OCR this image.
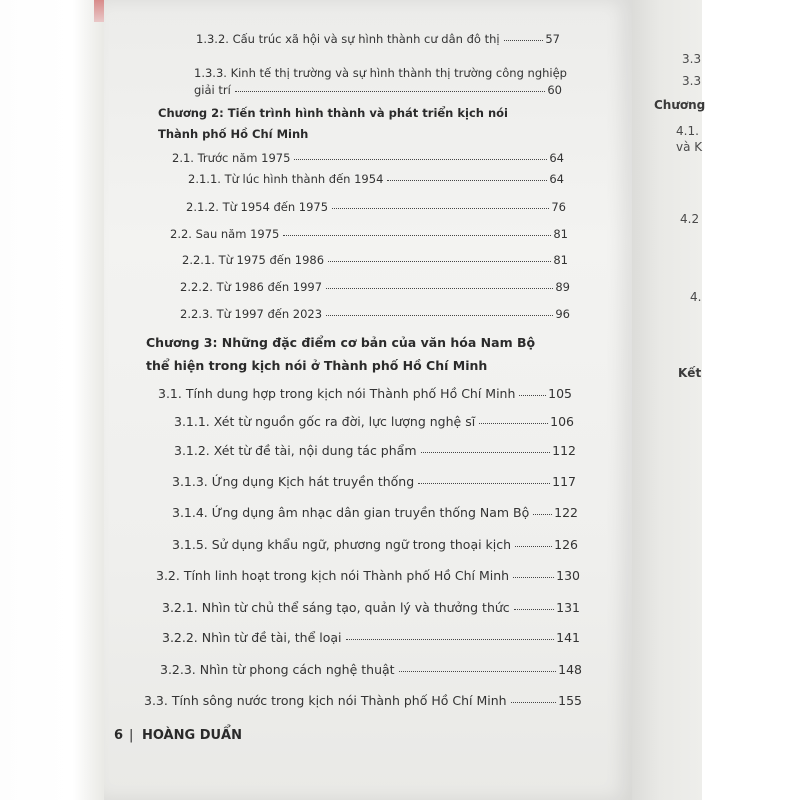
1.3.2. Cấu trúc xã hội và sự hình thành cư dân đô thị	57
1.3.3. Kinh tế thị trường và sự hình thành thị trường công nghiệp
giải trí	60
Chương 2: Tiến trình hình thành và phát triển kịch nói
Thành phố Hồ Chí Minh
2.1. Trước năm 1975	64
2.1.1. Từ lúc hình thành đến 1954	64
2.1.2. Từ 1954 đến 1975	76
2.2. Sau năm 1975	81
2.2.1. Từ 1975 đến 1986	81
2.2.2. Từ 1986 đến 1997	89
2.2.3. Từ 1997 đến 2023	96
Chương 3: Những đặc điểm cơ bản của văn hóa Nam Bộ
thể hiện trong kịch nói ở Thành phố Hồ Chí Minh
3.1. Tính dung hợp trong kịch nói Thành phố Hồ Chí Minh	105
3.1.1. Xét từ nguồn gốc ra đời, lực lượng nghệ sĩ	106
3.1.2. Xét từ đề tài, nội dung tác phẩm	112
3.1.3. Ứng dụng Kịch hát truyền thống	117
3.1.4. Ứng dụng âm nhạc dân gian truyền thống Nam Bộ 122
3.1.5. Sử dụng khẩu ngữ, phương ngữ trong thoại kịch	126
3.2. Tính linh hoạt trong kịch nói Thành phố Hồ Chí Minh	130
3.2.1. Nhìn từ chủ thể sáng tạo, quản lý và thưởng thức	131
3.2.2. Nhìn từ đề tài, thể loại	141
3.2.3. Nhìn từ phong cách nghệ thuật	148
3.3. Tính sông nước trong kịch nói Thành phố Hồ Chí Minh	155
6 | HOÀNG DUẨN
3.3
3.3
Chương
4.1.
và K
4.2
4.
Kết
